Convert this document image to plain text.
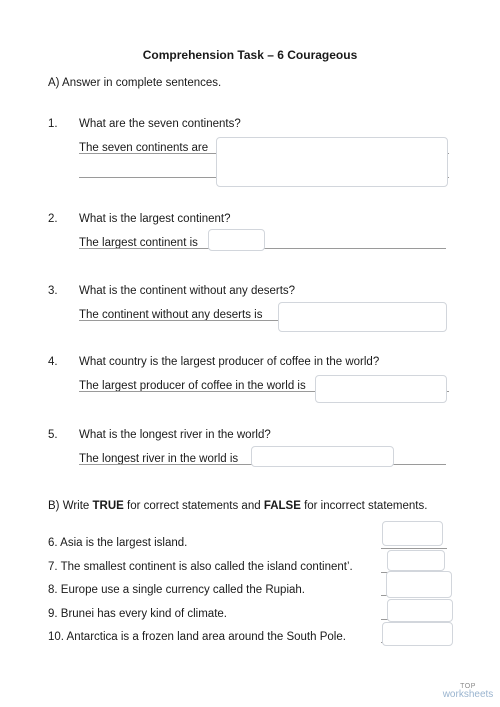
Comprehension Task – 6 Courageous
A) Answer in complete sentences.
1. What are the seven continents?
The seven continents are
2. What is the largest continent?
The largest continent is
3. What is the continent without any deserts?
The continent without any deserts is
4. What country is the largest producer of coffee in the world?
The largest producer of coffee in the world is
5. What is the longest river in the world?
The longest river in the world is
B) Write TRUE for correct statements and FALSE for incorrect statements.
6. Asia is the largest island.
7. The smallest continent is also called the island continent’.
8. Europe use a single currency called the Rupiah.
9. Brunei has every kind of climate.
10. Antarctica is a frozen land area around the South Pole.
TOP
worksheets
